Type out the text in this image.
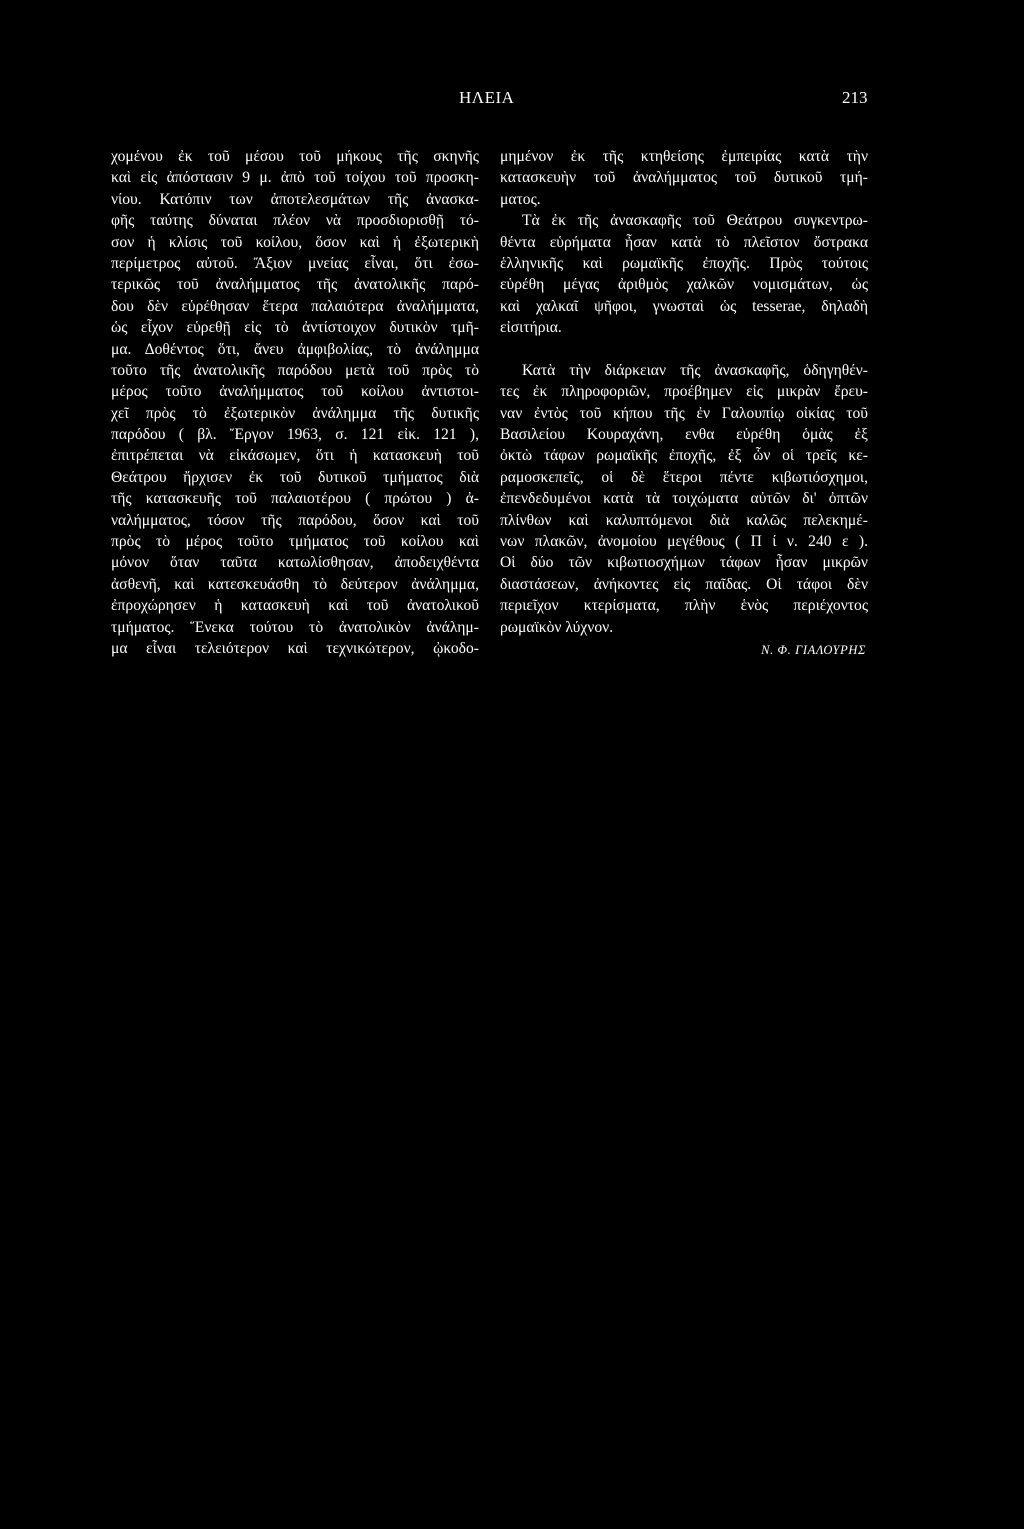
ΗΛΕΙΑ	213
χομένου ἐκ τοῦ μέσου τοῦ μήκους τῆς σκηνῆς
καὶ εἰς ἀπόστασιν 9 μ. ἀπὸ τοῦ τοίχου τοῦ προσκη-
νίου. Κατόπιν των ἀποτελεσμάτων τῆς ἀνασκα-
φῆς ταύτης δύναται πλέον νὰ προσδιορισθῇ τό-
σον ἡ κλίσις τοῦ κοίλου, ὅσον καὶ ἡ ἐξωτερικὴ
περίμετρος αὐτοῦ. Ἄξιον μνείας εἶναι, ὅτι ἐσω-
τερικῶς τοῦ ἀναλήμματος τῆς ἀνατολικῆς παρό-
δου δὲν εὑρέθησαν ἕτερα παλαιότερα ἀναλήμματα,
ὡς εἶχον εὑρεθῇ εἰς τὸ ἀντίστοιχον δυτικὸν τμῆ-
μα. Δοθέντος ὅτι, ἄνευ ἀμφιβολίας, τὸ ἀνάλημμα
τοῦτο τῆς ἀνατολικῆς παρόδου μετὰ τοῦ πρὸς τὸ
μέρος τοῦτο ἀναλήμματος τοῦ κοίλου ἀντιστοι-
χεῖ πρὸς τὸ ἐξωτερικὸν ἀνάλημμα τῆς δυτικῆς
παρόδου ( βλ. Ἔργον 1963, σ. 121 εἰκ. 121 ),
ἐπιτρέπεται νὰ εἰκάσωμεν, ὅτι ἡ κατασκευὴ τοῦ
Θεάτρου ἤρχισεν ἐκ τοῦ δυτικοῦ τμήματος διὰ
τῆς κατασκευῆς τοῦ παλαιοτέρου ( πρώτου ) ἀ-
ναλήμματος, τόσον τῆς παρόδου, ὅσον καὶ τοῦ
πρὸς τὸ μέρος τοῦτο τμήματος τοῦ κοίλου καὶ
μόνον ὅταν ταῦτα κατωλίσθησαν, ἀποδειχθέντα
ἀσθενῆ, καὶ κατεσκευάσθη τὸ δεύτερον ἀνάλημμα,
ἐπροχώρησεν ἡ κατασκευὴ καὶ τοῦ ἀνατολικοῦ
τμήματος. Ἕνεκα τούτου τὸ ἀνατολικὸν ἀνάλημ-
μα εἶναι τελειότερον καὶ τεχνικώτερον, ᾠκοδο-
μημένον ἐκ τῆς κτηθείσης ἐμπειρίας κατὰ τὴν
κατασκευὴν τοῦ ἀναλήμματος τοῦ δυτικοῦ τμή-
ματος.
Τὰ ἐκ τῆς ἀνασκαφῆς τοῦ Θεάτρου συγκεντρω-
θέντα εὑρήματα ἦσαν κατὰ τὸ πλεῖστον ὄστρακα
ἑλληνικῆς καὶ ρωμαϊκῆς ἐποχῆς. Πρὸς τούτοις
εὑρέθη μέγας ἀριθμὸς χαλκῶν νομισμάτων, ὡς
καὶ χαλκαῖ ψῆφοι, γνωσταὶ ὡς tesserae, δηλαδὴ
εἰσιτήρια.
Κατὰ τὴν διάρκειαν τῆς ἀνασκαφῆς, ὁδηγηθέν-
τες ἐκ πληροφοριῶν, προέβημεν εἰς μικρὰν ἔρευ-
ναν ἐντὸς τοῦ κήπου τῆς ἐν Γαλουπίῳ οἰκίας τοῦ
Βασιλείου Κουραχάνη, ενθα εὑρέθη ὁμὰς ἐξ
ὀκτὼ τάφων ρωμαϊκῆς ἐποχῆς, ἐξ ὧν οἱ τρεῖς κε-
ραμοσκεπεῖς, οἱ δὲ ἕτεροι πέντε κιβωτιόσχημοι,
ἐπενδεδυμένοι κατὰ τὰ τοιχώματα αὐτῶν δι' ὀπτῶν
πλίνθων καὶ καλυπτόμενοι διὰ καλῶς πελεκημέ-
νων πλακῶν, ἀνομοίου μεγέθους ( Π ί ν. 240 ε ).
Οἱ δύο τῶν κιβωτιοσχήμων τάφων ἦσαν μικρῶν
διαστάσεων, ἀνήκοντες εἰς παῖδας. Οἱ τάφοι δὲν
περιεῖχον κτερίσματα, πλὴν ἑνὸς περιέχοντος
ρωμαϊκὸν λύχνον.
Ν. Φ. ΓΙΑΛΟΥΡΗΣ
